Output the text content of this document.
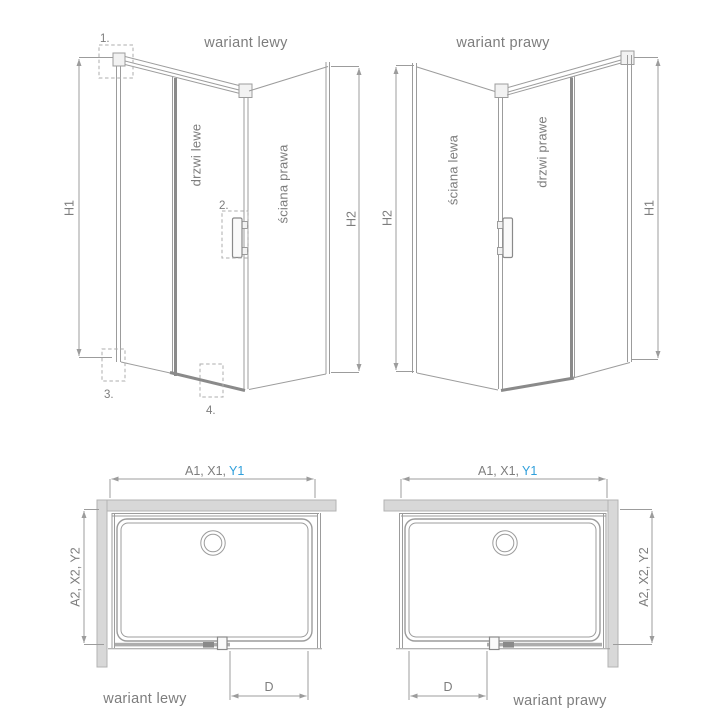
wariant lewy
H1
H2
drzwi lewe	ściana prawa
1.
2.
3.
4.
wariant prawy
H2
H1
ściana lewa	drzwi prawe
A1, X1, Y1
A2, X2, Y2
D
wariant lewy
A1, X1, Y1
A2, X2, Y2
D
wariant prawy
